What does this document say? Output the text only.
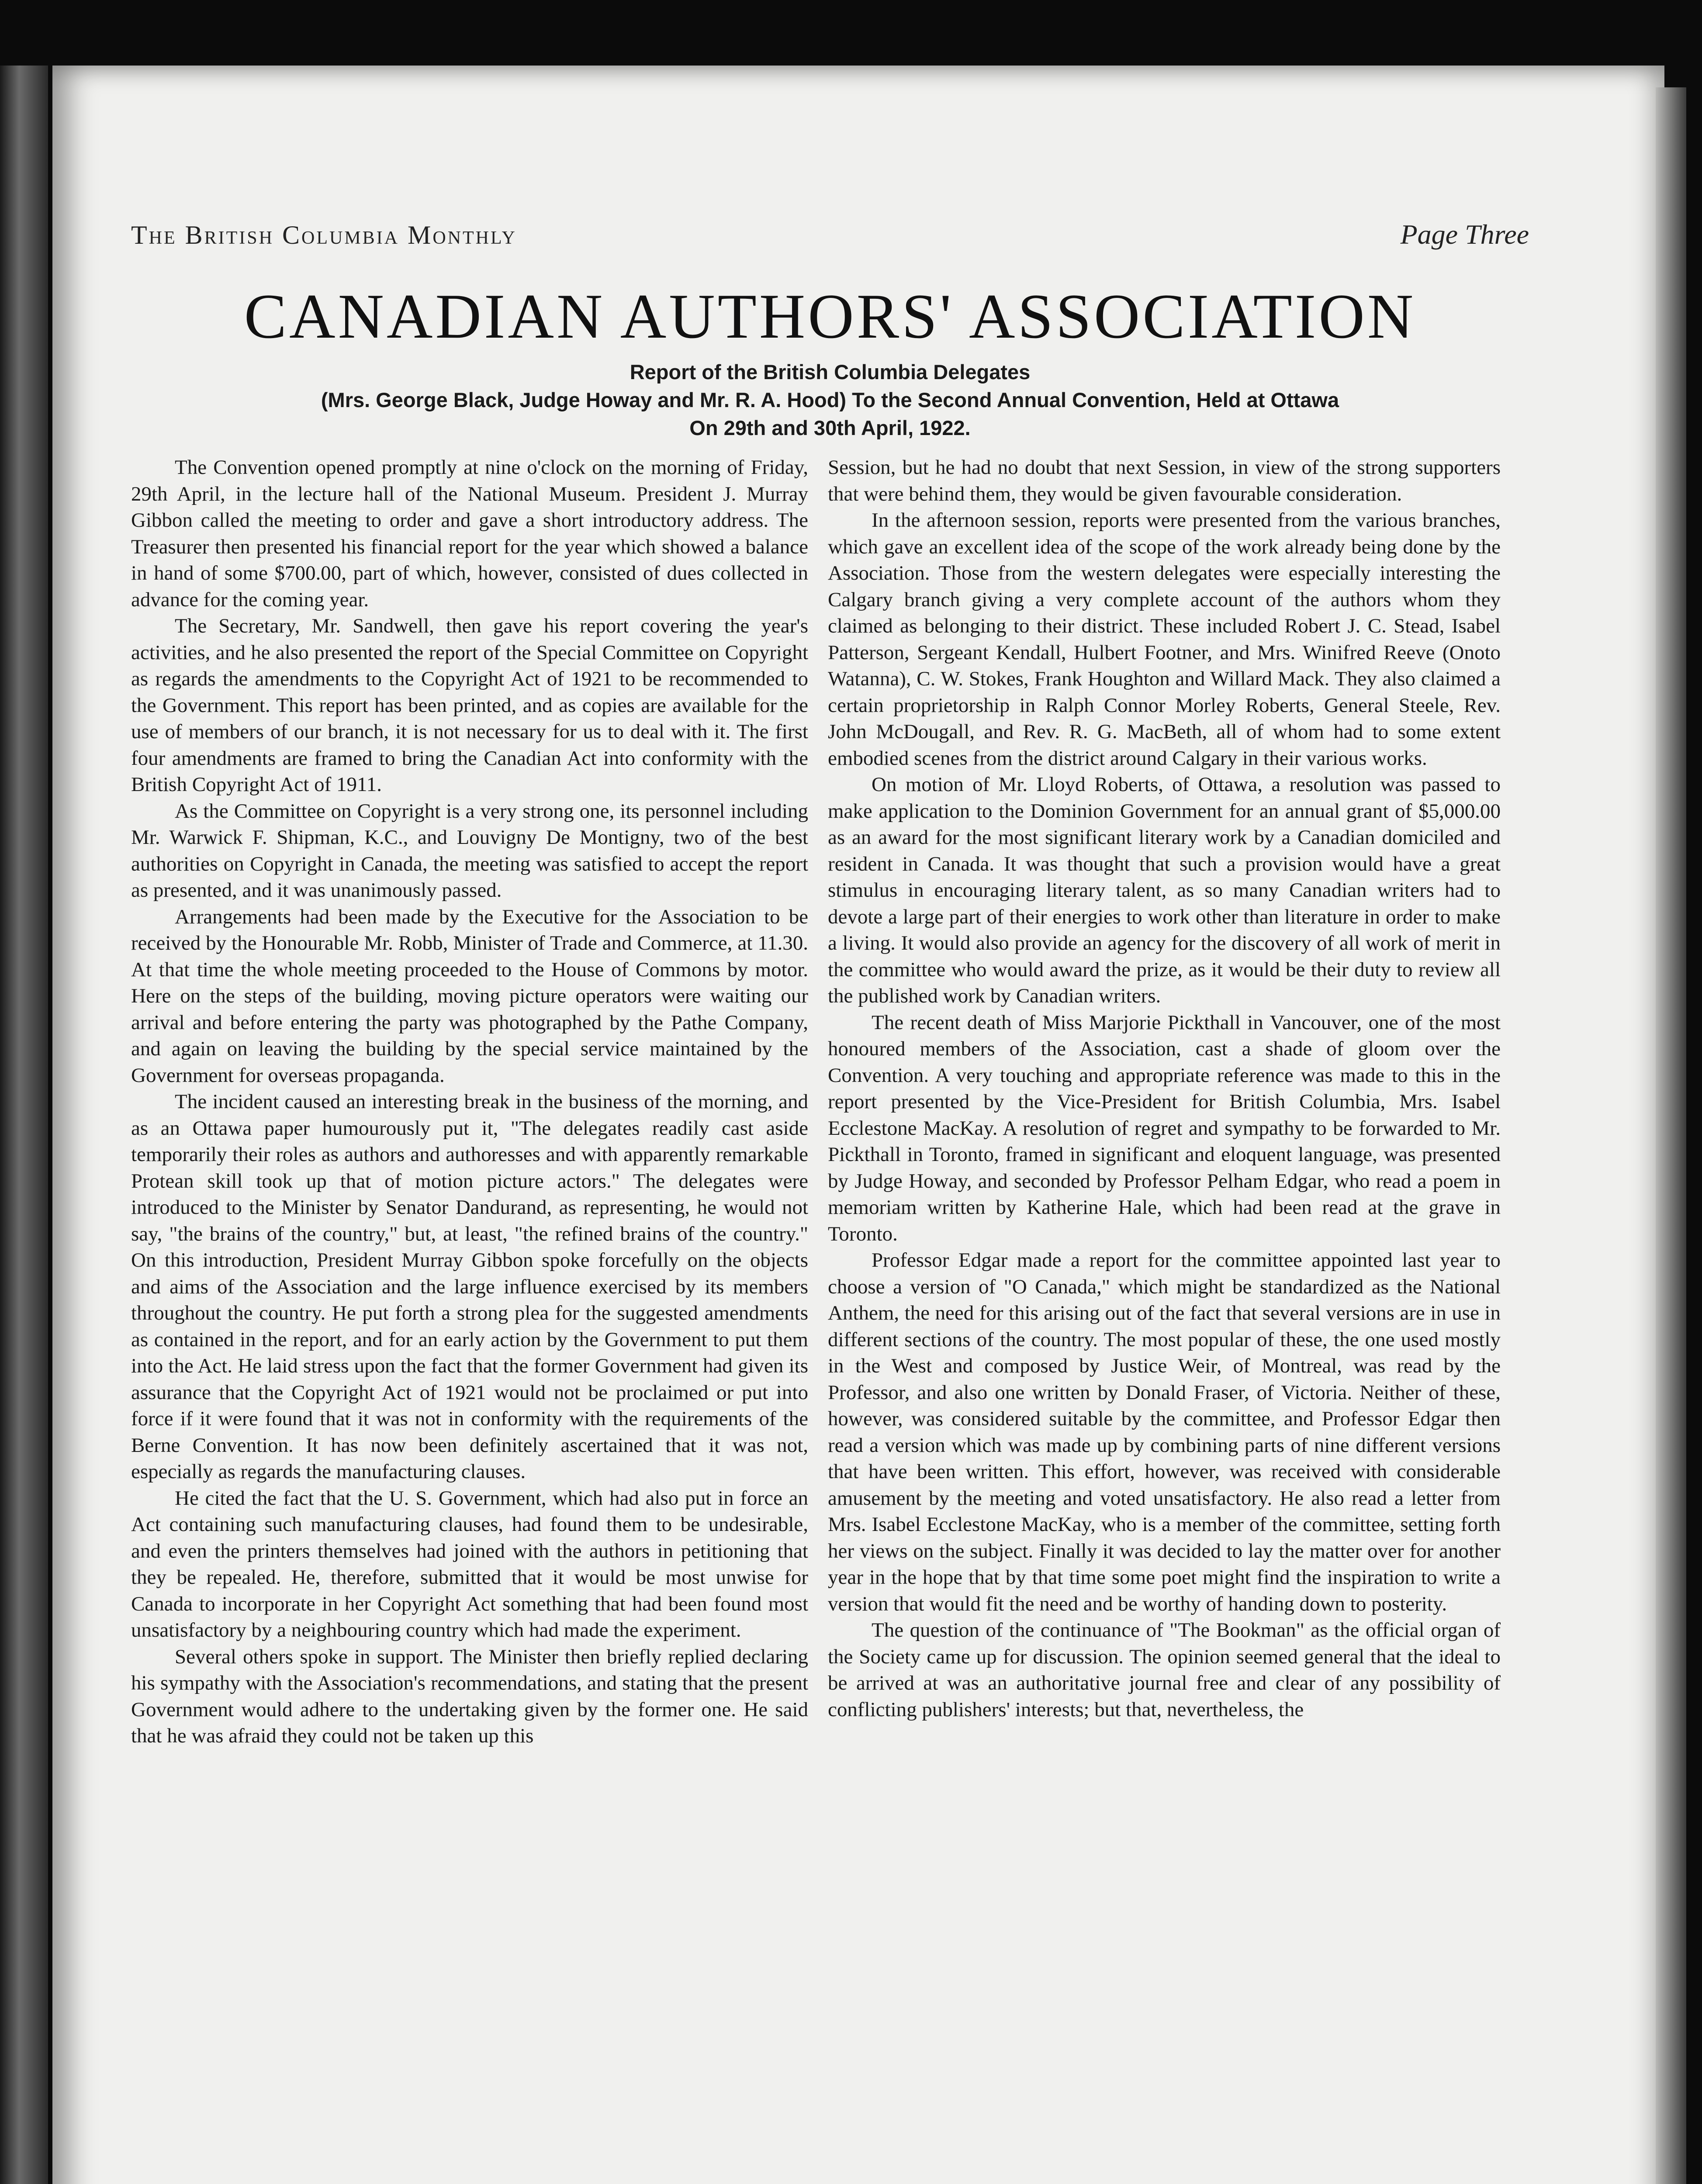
The British Columbia Monthly	Page Three
CANADIAN AUTHORS' ASSOCIATION
Report of the British Columbia Delegates
(Mrs. George Black, Judge Howay and Mr. R. A. Hood) To the Second Annual Convention, Held at Ottawa
On 29th and 30th April, 1922.

The Convention opened promptly at nine o'clock on the morning of Friday, 29th April, in the lecture hall of the National Museum. President J. Murray Gibbon called the meeting to order and gave a short introductory address. The Treasurer then presented his financial report for the year which showed a balance in hand of some $700.00, part of which, however, consisted of dues collected in advance for the coming year.

The Secretary, Mr. Sandwell, then gave his report covering the year's activities, and he also presented the report of the Special Committee on Copyright as regards the amendments to the Copyright Act of 1921 to be recommended to the Government. This report has been printed, and as copies are available for the use of members of our branch, it is not necessary for us to deal with it. The first four amendments are framed to bring the Canadian Act into conformity with the British Copyright Act of 1911.

As the Committee on Copyright is a very strong one, its personnel including Mr. Warwick F. Shipman, K.C., and Louvigny De Montigny, two of the best authorities on Copyright in Canada, the meeting was satisfied to accept the report as presented, and it was unanimously passed.

Arrangements had been made by the Executive for the Association to be received by the Honourable Mr. Robb, Minister of Trade and Commerce, at 11.30. At that time the whole meeting proceeded to the House of Commons by motor. Here on the steps of the building, moving picture operators were waiting our arrival and before entering the party was photographed by the Pathe Company, and again on leaving the building by the special service maintained by the Government for overseas propaganda.

The incident caused an interesting break in the business of the morning, and as an Ottawa paper humourously put it, "The delegates readily cast aside temporarily their roles as authors and authoresses and with apparently remarkable Protean skill took up that of motion picture actors." The delegates were introduced to the Minister by Senator Dandurand, as representing, he would not say, "the brains of the country," but, at least, "the refined brains of the country." On this introduction, President Murray Gibbon spoke forcefully on the objects and aims of the Association and the large influence exercised by its members throughout the country. He put forth a strong plea for the suggested amendments as contained in the report, and for an early action by the Government to put them into the Act. He laid stress upon the fact that the former Government had given its assurance that the Copyright Act of 1921 would not be proclaimed or put into force if it were found that it was not in conformity with the requirements of the Berne Convention. It has now been definitely ascertained that it was not, especially as regards the manufacturing clauses.

He cited the fact that the U. S. Government, which had also put in force an Act containing such manufacturing clauses, had found them to be undesirable, and even the printers themselves had joined with the authors in petitioning that they be repealed. He, therefore, submitted that it would be most unwise for Canada to incorporate in her Copyright Act something that had been found most unsatisfactory by a neighbouring country which had made the experiment.

Several others spoke in support. The Minister then briefly replied declaring his sympathy with the Association's recommendations, and stating that the present Government would adhere to the undertaking given by the former one. He said that he was afraid they could not be taken up this

Session, but he had no doubt that next Session, in view of the strong supporters that were behind them, they would be given favourable consideration.

In the afternoon session, reports were presented from the various branches, which gave an excellent idea of the scope of the work already being done by the Association. Those from the western delegates were especially interesting the Calgary branch giving a very complete account of the authors whom they claimed as belonging to their district. These included Robert J. C. Stead, Isabel Patterson, Sergeant Kendall, Hulbert Footner, and Mrs. Winifred Reeve (Onoto Watanna), C. W. Stokes, Frank Houghton and Willard Mack. They also claimed a certain proprietorship in Ralph Connor Morley Roberts, General Steele, Rev. John McDougall, and Rev. R. G. MacBeth, all of whom had to some extent embodied scenes from the district around Calgary in their various works.

On motion of Mr. Lloyd Roberts, of Ottawa, a resolution was passed to make application to the Dominion Government for an annual grant of $5,000.00 as an award for the most significant literary work by a Canadian domiciled and resident in Canada. It was thought that such a provision would have a great stimulus in encouraging literary talent, as so many Canadian writers had to devote a large part of their energies to work other than literature in order to make a living. It would also provide an agency for the discovery of all work of merit in the committee who would award the prize, as it would be their duty to review all the published work by Canadian writers.

The recent death of Miss Marjorie Pickthall in Vancouver, one of the most honoured members of the Association, cast a shade of gloom over the Convention. A very touching and appropriate reference was made to this in the report presented by the Vice-President for British Columbia, Mrs. Isabel Ecclestone MacKay. A resolution of regret and sympathy to be forwarded to Mr. Pickthall in Toronto, framed in significant and eloquent language, was presented by Judge Howay, and seconded by Professor Pelham Edgar, who read a poem in memoriam written by Katherine Hale, which had been read at the grave in Toronto.

Professor Edgar made a report for the committee appointed last year to choose a version of "O Canada," which might be standardized as the National Anthem, the need for this arising out of the fact that several versions are in use in different sections of the country. The most popular of these, the one used mostly in the West and composed by Justice Weir, of Montreal, was read by the Professor, and also one written by Donald Fraser, of Victoria. Neither of these, however, was considered suitable by the committee, and Professor Edgar then read a version which was made up by combining parts of nine different versions that have been written. This effort, however, was received with considerable amusement by the meeting and voted unsatisfactory. He also read a letter from Mrs. Isabel Ecclestone MacKay, who is a member of the committee, setting forth her views on the subject. Finally it was decided to lay the matter over for another year in the hope that by that time some poet might find the inspiration to write a version that would fit the need and be worthy of handing down to posterity.

The question of the continuance of "The Bookman" as the official organ of the Society came up for discussion. The opinion seemed general that the ideal to be arrived at was an authoritative journal free and clear of any possibility of conflicting publishers' interests; but that, nevertheless, the
